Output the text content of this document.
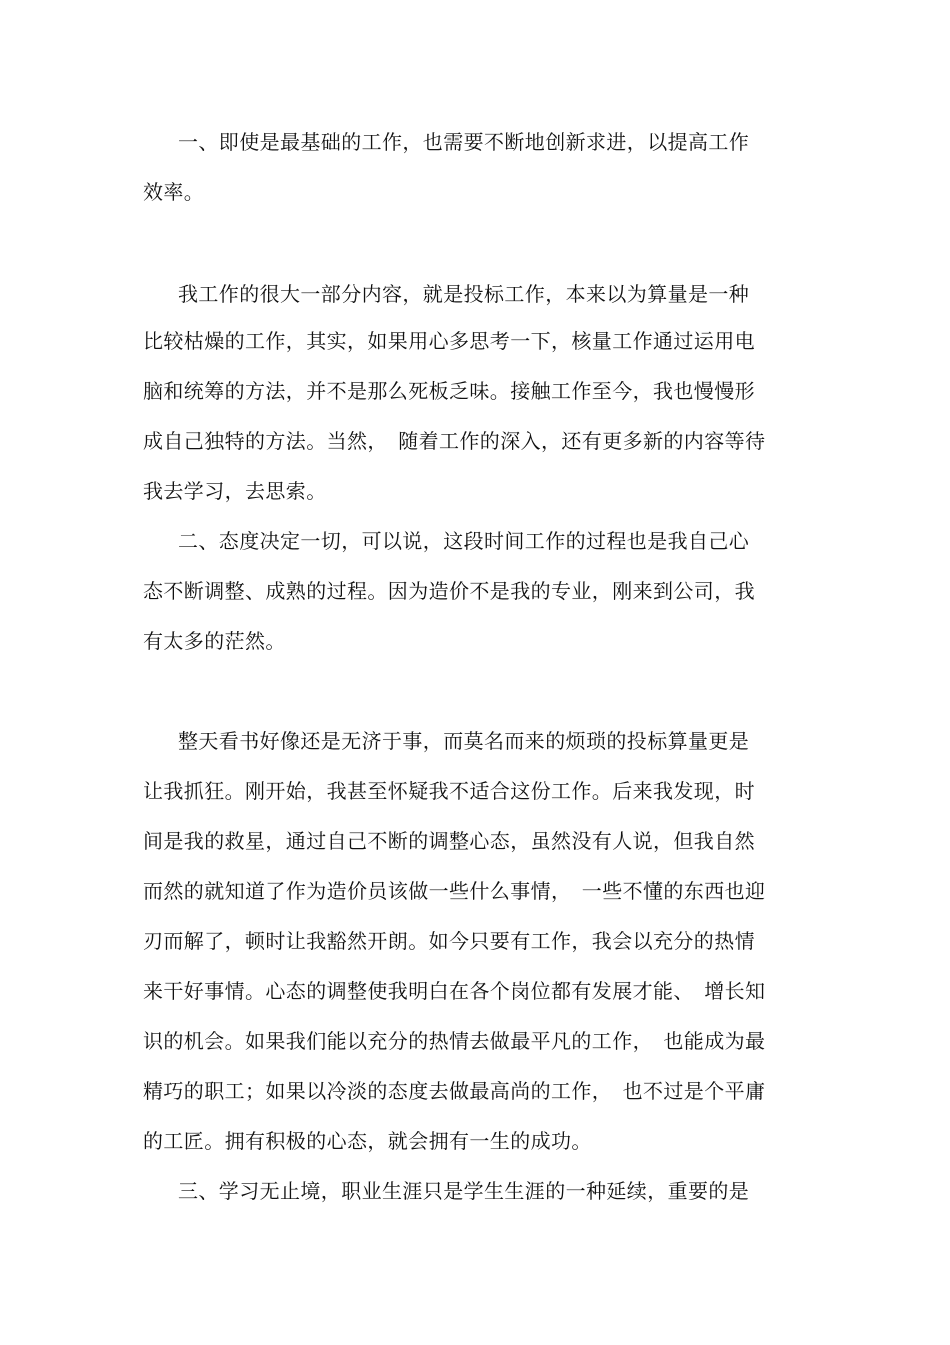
一、即使是最基础的工作，也需要不断地创新求进，以提高工作
效率。
我工作的很大一部分内容，就是投标工作，本来以为算量是一种
比较枯燥的工作，其实，如果用心多思考一下，核量工作通过运用电
脑和统筹的方法，并不是那么死板乏味。接触工作至今，我也慢慢形
成自己独特的方法。当然，　随着工作的深入，还有更多新的内容等待
我去学习，去思索。
二、态度决定一切，可以说，这段时间工作的过程也是我自己心
态不断调整、成熟的过程。因为造价不是我的专业，刚来到公司，我
有太多的茫然。
整天看书好像还是无济于事，而莫名而来的烦琐的投标算量更是
让我抓狂。刚开始，我甚至怀疑我不适合这份工作。后来我发现，时
间是我的救星，通过自己不断的调整心态，虽然没有人说，但我自然
而然的就知道了作为造价员该做一些什么事情，　一些不懂的东西也迎
刃而解了，顿时让我豁然开朗。如今只要有工作，我会以充分的热情
来干好事情。心态的调整使我明白在各个岗位都有发展才能、　增长知
识的机会。如果我们能以充分的热情去做最平凡的工作，　也能成为最
精巧的职工；如果以冷淡的态度去做最高尚的工作，　也不过是个平庸
的工匠。拥有积极的心态，就会拥有一生的成功。
三、学习无止境，职业生涯只是学生生涯的一种延续，重要的是
